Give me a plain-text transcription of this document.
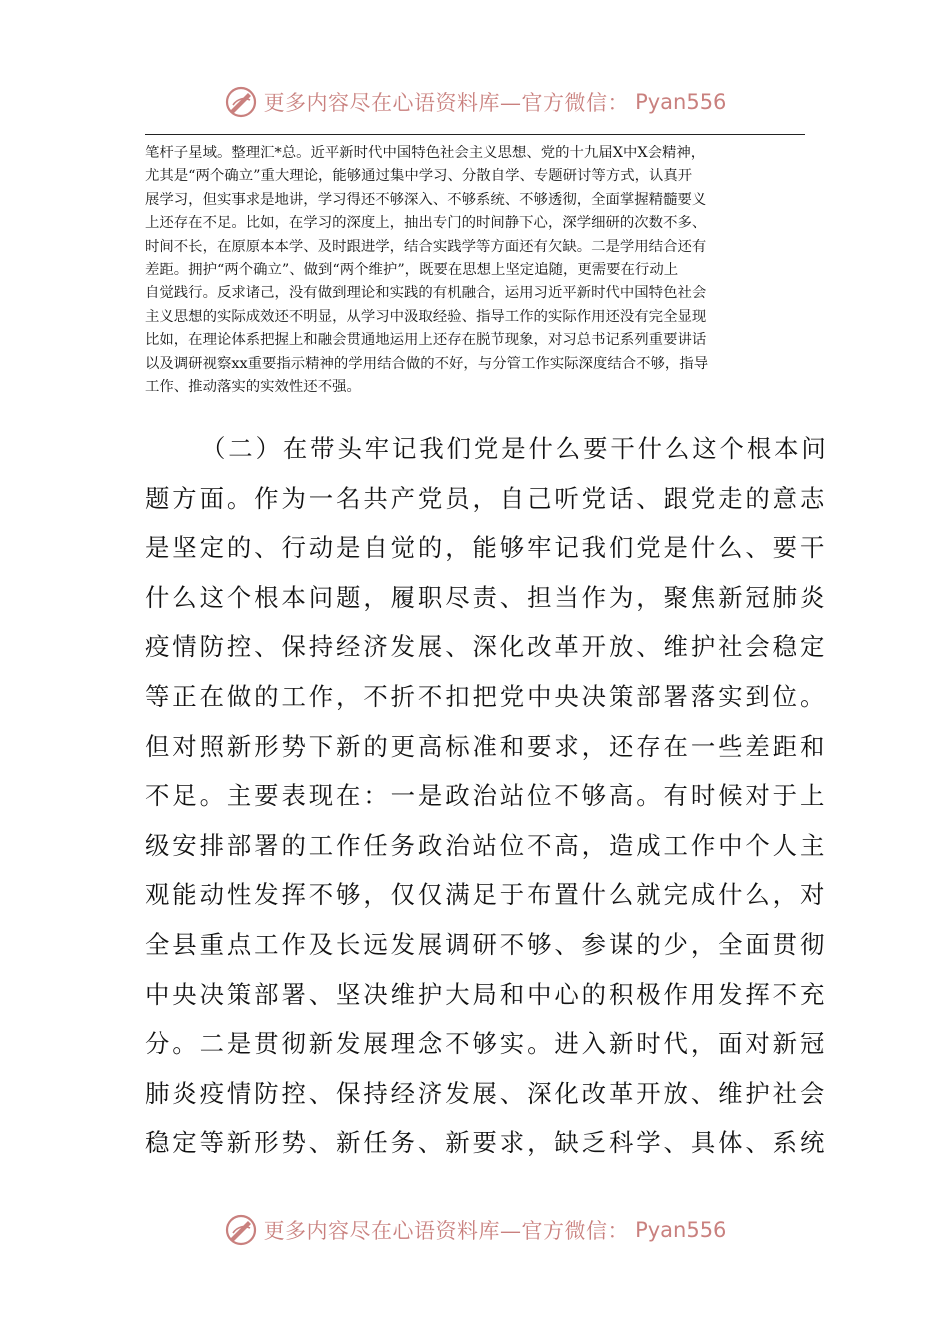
更多内容尽在心语资料库—官方微信： Pyan556
笔杆子星域。整理汇*总。近平新时代中国特色社会主义思想、党的十九届X中X会精神，
尤其是“两个确立”重大理论，能够通过集中学习、分散自学、专题研讨等方式，认真开
展学习，但实事求是地讲，学习得还不够深入、不够系统、不够透彻，全面掌握精髓要义
上还存在不足。比如，在学习的深度上，抽出专门的时间静下心，深学细研的次数不多、
时间不长，在原原本本学、及时跟进学，结合实践学等方面还有欠缺。二是学用结合还有
差距。拥护“两个确立”、做到“两个维护”，既要在思想上坚定追随，更需要在行动上
自觉践行。反求诸己，没有做到理论和实践的有机融合，运用习近平新时代中国特色社会
主义思想的实际成效还不明显，从学习中汲取经验、指导工作的实际作用还没有完全显现
比如，在理论体系把握上和融会贯通地运用上还存在脱节现象，对习总书记系列重要讲话
以及调研视察xx重要指示精神的学用结合做的不好，与分管工作实际深度结合不够，指导
工作、推动落实的实效性还不强。
（二）在带头牢记我们党是什么要干什么这个根本问
题方面。作为一名共产党员，自己听党话、跟党走的意志
是坚定的、行动是自觉的，能够牢记我们党是什么、要干
什么这个根本问题，履职尽责、担当作为，聚焦新冠肺炎
疫情防控、保持经济发展、深化改革开放、维护社会稳定
等正在做的工作，不折不扣把党中央决策部署落实到位。
但对照新形势下新的更高标准和要求，还存在一些差距和
不足。主要表现在：一是政治站位不够高。有时候对于上
级安排部署的工作任务政治站位不高，造成工作中个人主
观能动性发挥不够，仅仅满足于布置什么就完成什么，对
全县重点工作及长远发展调研不够、参谋的少，全面贯彻
中央决策部署、坚决维护大局和中心的积极作用发挥不充
分。二是贯彻新发展理念不够实。进入新时代，面对新冠
肺炎疫情防控、保持经济发展、深化改革开放、维护社会
稳定等新形势、新任务、新要求，缺乏科学、具体、系统
更多内容尽在心语资料库—官方微信： Pyan556
